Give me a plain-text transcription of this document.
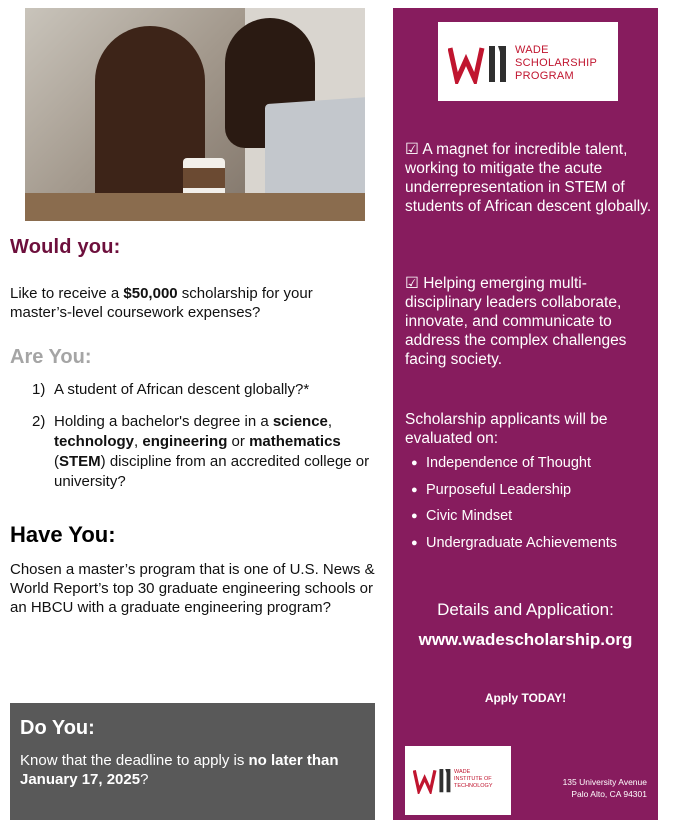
Would you:
Like to receive a $50,000 scholarship for your master’s-level coursework expenses?
Are You:
1) A student of African descent globally?*
2) Holding a bachelor's degree in a science, technology, engineering or mathematics (STEM) discipline from an accredited college or university?
Have You:
Chosen a master’s program that is one of U.S. News & World Report’s top 30 graduate engineering schools or an HBCU with a graduate engineering program?
Do You:
Know that the deadline to apply is no later than January 17, 2025?
WADE
SCHOLARSHIP
PROGRAM
☑ A magnet for incredible talent, working to mitigate the acute underrepresentation in STEM of students of African descent globally.
☑ Helping emerging multi-disciplinary leaders collaborate, innovate, and communicate to address the complex challenges facing society.
Scholarship applicants will be evaluated on:
● Independence of Thought
● Purposeful Leadership
● Civic Mindset
● Undergraduate Achievements
Details and Application:
www.wadescholarship.org
Apply TODAY!
WADE
INSTITUTE OF
TECHNOLOGY	135 University Avenue
Palo Alto, CA 94301
